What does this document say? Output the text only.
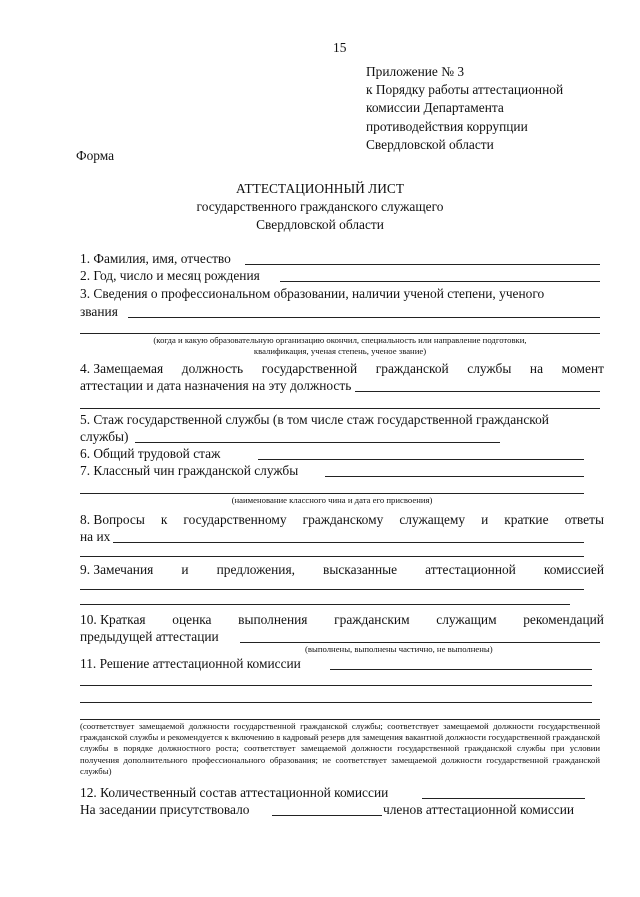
15
Приложение № 3
к Порядку работы аттестационной
комиссии Департамента
противодействия коррупции
Свердловской области
Форма
АТТЕСТАЦИОННЫЙ ЛИСТ
государственного гражданского служащего
Свердловской области
1. Фамилия, имя, отчество
2. Год, число и месяц рождения
3. Сведения о профессиональном образовании, наличии ученой степени, ученого
звания
(когда и какую образовательную организацию окончил, специальность или направление подготовки,
квалификация, ученая степень, ученое звание)
4. Замещаемая должность государственной гражданской службы на момент
аттестации и дата назначения на эту должность
5. Стаж государственной службы (в том числе стаж государственной гражданской
службы)
6. Общий трудовой стаж
7. Классный чин гражданской службы
(наименование классного чина и дата его присвоения)
8. Вопросы к государственному гражданскому служащему и краткие ответы
на их
9. Замечания и предложения, высказанные аттестационной комиссией
10. Краткая оценка выполнения гражданским служащим рекомендаций
предыдущей аттестации
(выполнены, выполнены частично, не выполнены)
11. Решение аттестационной комиссии
(соответствует замещаемой должности государственной гражданской службы; соответствует замещаемой должности государственной гражданской службы и рекомендуется к включению в кадровый резерв для замещения вакантной должности государственной гражданской службы в порядке должностного роста; соответствует замещаемой должности государственной гражданской службы при условии получения дополнительного профессионального образования; не соответствует замещаемой должности государственной гражданской службы)
12. Количественный состав аттестационной комиссии
На заседании присутствовало	членов аттестационной комиссии
